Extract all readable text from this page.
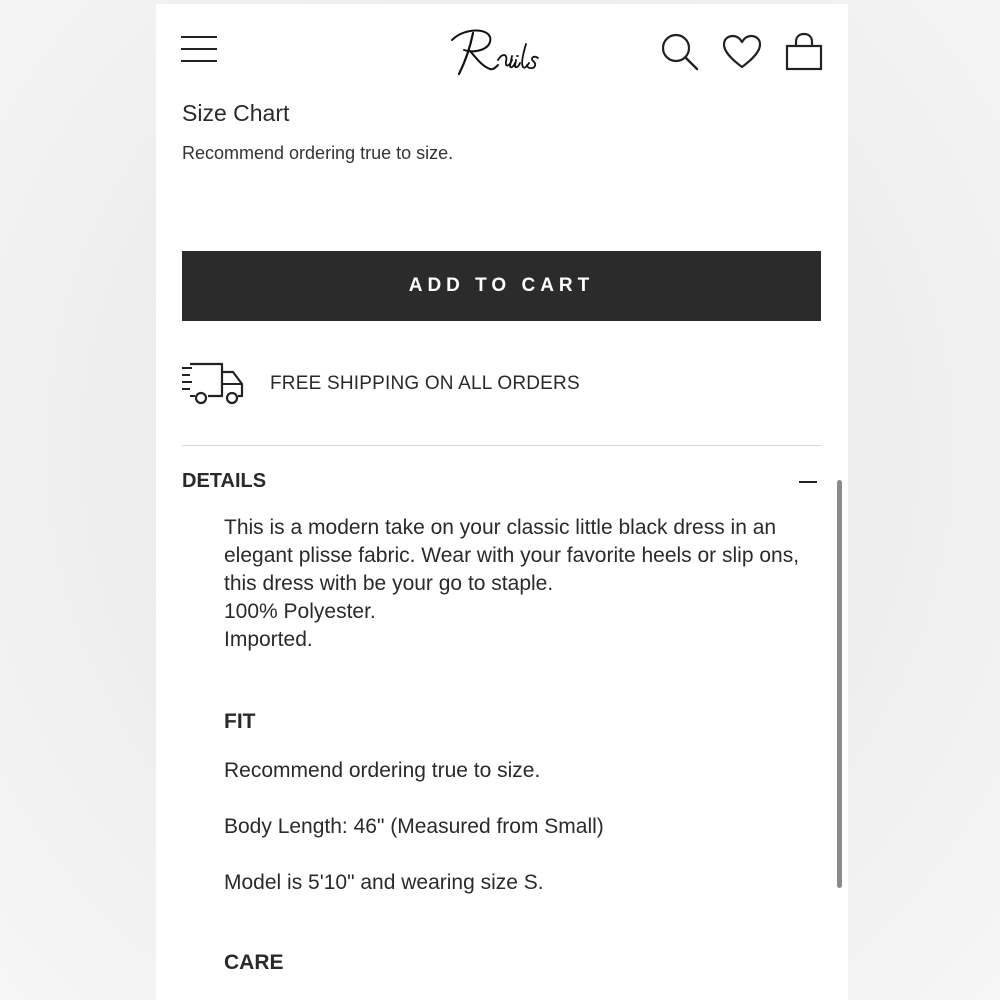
Size Chart
Recommend ordering true to size.
ADD TO CART
FREE SHIPPING ON ALL ORDERS
DETAILS

This is a modern take on your classic little black dress in an elegant plisse fabric. Wear with your favorite heels or slip ons, this dress with be your go to staple.

100% Polyester.

Imported.

FIT
Recommend ordering true to size.
Body Length: 46" (Measured from Small)
Model is 5'10" and wearing size S.
CARE
